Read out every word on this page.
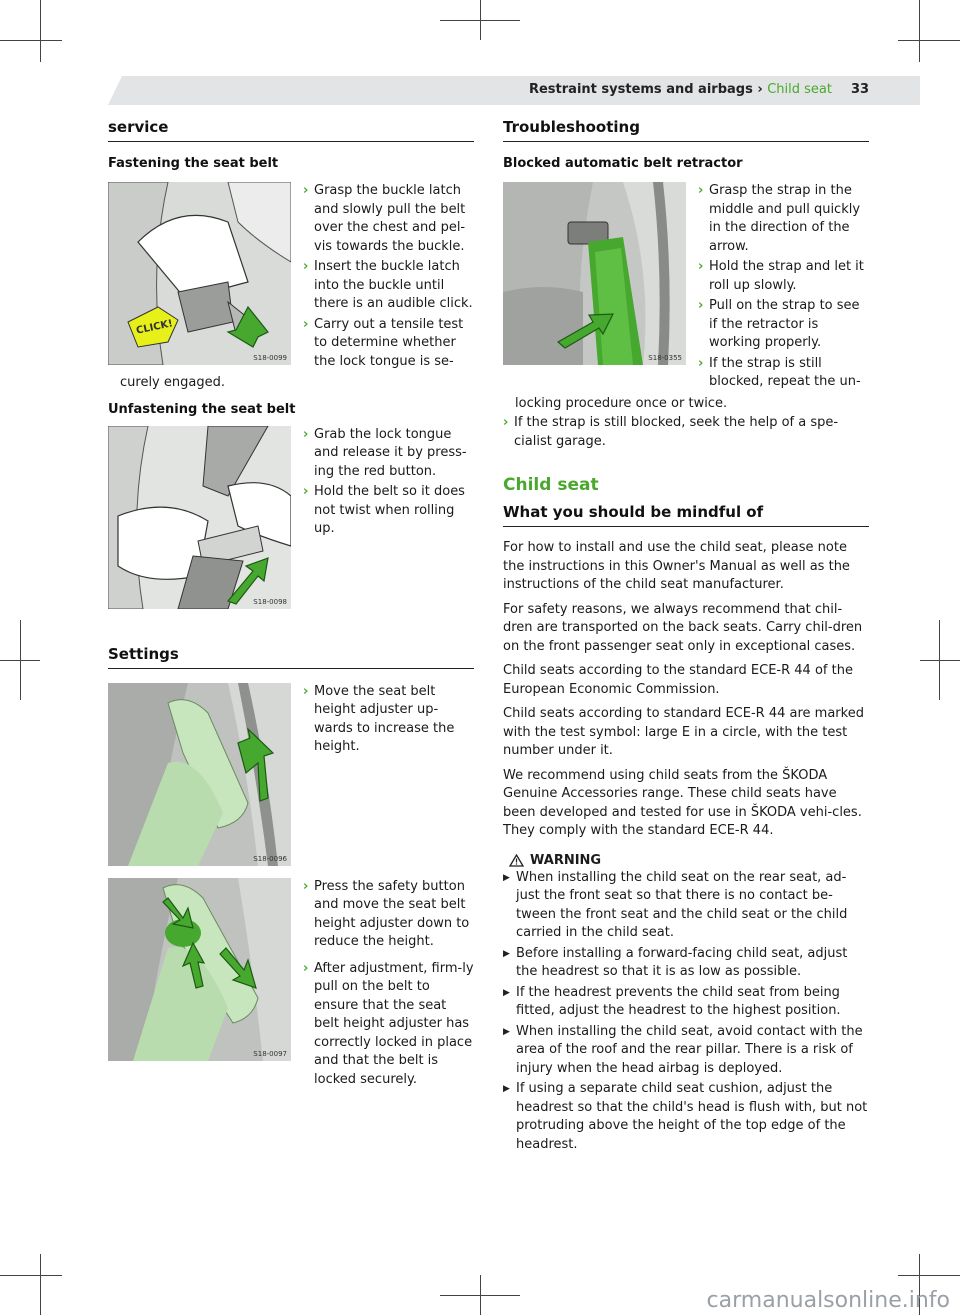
Restraint systems and airbags › Child seat 33
service
Fastening the seat belt
CLICK!
S18-0099
› Grasp the buckle latch and slowly pull the belt over the chest and pel-vis towards the buckle.
› Insert the buckle latch into the buckle until there is an audible click.
› Carry out a tensile test to determine whether the lock tongue is se-
curely engaged.
Unfastening the seat belt
S18-0098
› Grab the lock tongue and release it by press-ing the red button.
› Hold the belt so it does not twist when rolling up.
Settings
S18-0096
› Move the seat belt height adjuster up-wards to increase the height.
S18-0097
› Press the safety button and move the seat belt height adjuster down to reduce the height.
› After adjustment, firm-ly pull on the belt to ensure that the seat belt height adjuster has correctly locked in place and that the belt is locked securely.
Troubleshooting
Blocked automatic belt retractor
S18-0355
› Grasp the strap in the middle and pull quickly in the direction of the arrow.
› Hold the strap and let it roll up slowly.
› Pull on the strap to see if the retractor is working properly.
› If the strap is still blocked, repeat the un-
locking procedure once or twice.
› If the strap is still blocked, seek the help of a spe-cialist garage.
Child seat
What you should be mindful of

For how to install and use the child seat, please note the instructions in this Owner's Manual as well as the instructions of the child seat manufacturer.

For safety reasons, we always recommend that chil-dren are transported on the back seats. Carry chil-dren on the front passenger seat only in exceptional cases.

Child seats according to the standard ECE-R 44 of the European Economic Commission.

Child seats according to standard ECE-R 44 are marked with the test symbol: large E in a circle, with the test number under it.

We recommend using child seats from the ŠKODA Genuine Accessories range. These child seats have been developed and tested for use in ŠKODA vehi-cles. They comply with the standard ECE-R 44.

WARNING
▶ When installing the child seat on the rear seat, ad-just the front seat so that there is no contact be-tween the front seat and the child seat or the child carried in the child seat.
▶ Before installing a forward-facing child seat, adjust the headrest so that it is as low as possible.
▶ If the headrest prevents the child seat from being fitted, adjust the headrest to the highest position.
▶ When installing the child seat, avoid contact with the area of the roof and the rear pillar. There is a risk of injury when the head airbag is deployed.
▶ If using a separate child seat cushion, adjust the headrest so that the child's head is flush with, but not protruding above the height of the top edge of the headrest.
carmanualsonline.info
